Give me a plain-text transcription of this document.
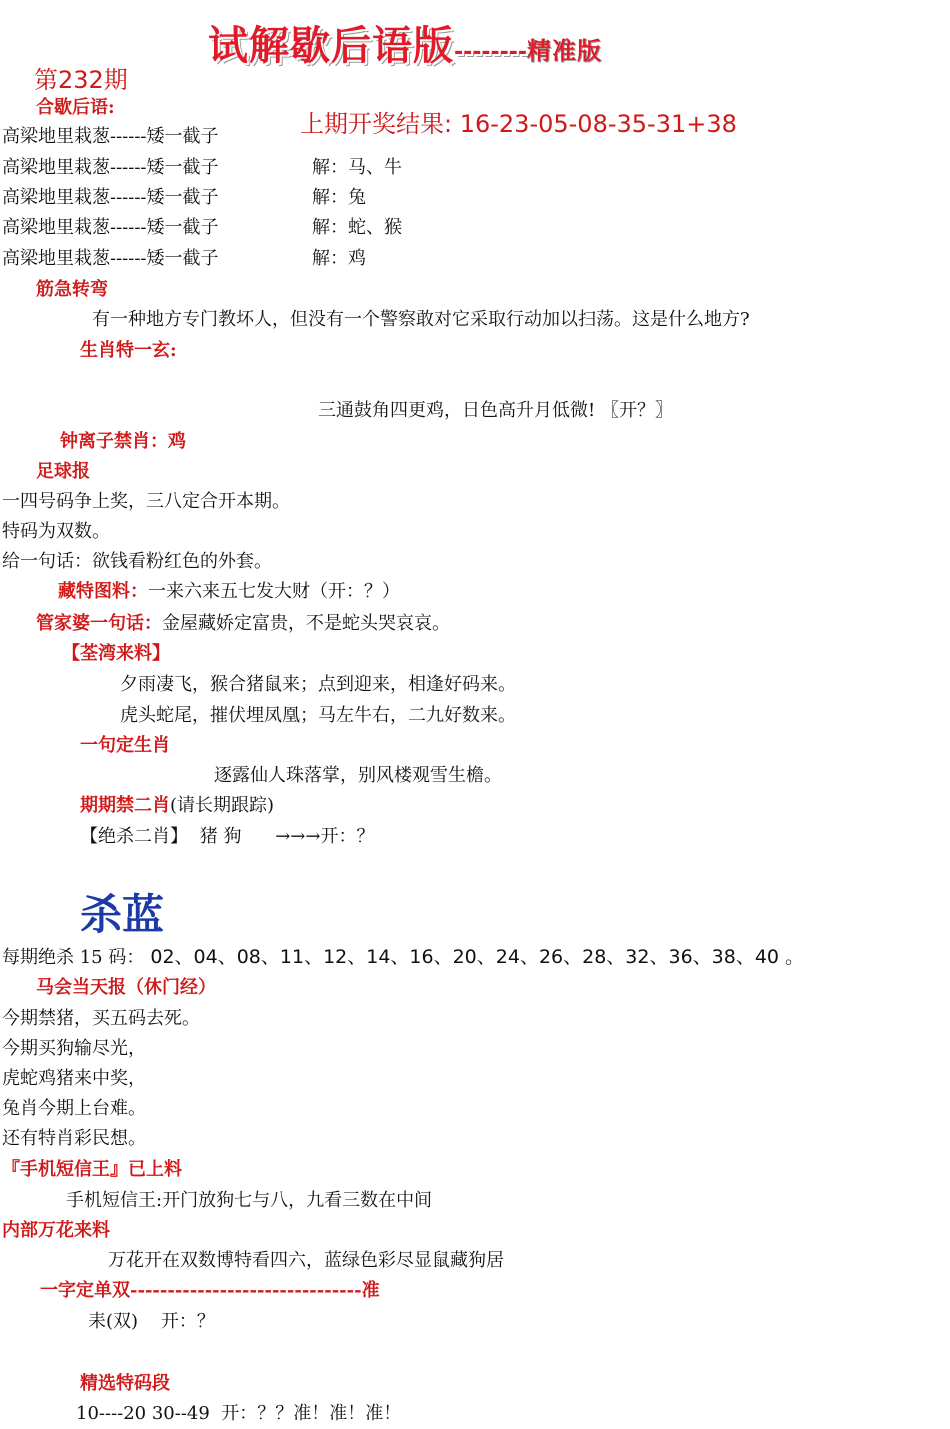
试解歇后语版--------精准版
第232期
上期开奖结果: 16-23-05-08-35-31+38
合歇后语:
高梁地里栽葱------矮一截子
高梁地里栽葱------矮一截子	解：马、牛
高梁地里栽葱------矮一截子	解：兔
高梁地里栽葱------矮一截子	解：蛇、猴
高梁地里栽葱------矮一截子	解：鸡
筋急转弯
有一种地方专门教坏人，但没有一个警察敢对它采取行动加以扫荡。这是什么地方?
生肖特一玄:
三通鼓角四更鸡，日色高升月低微! 〖开？〗
钟离子禁肖：鸡
足球报
一四号码争上奖，三八定合开本期。
特码为双数。
给一句话：欲钱看粉红色的外套。
藏特图料：一来六来五七发大财（开：？）
管家婆一句话：金屋藏娇定富贵，不是蛇头哭哀哀。
【荃湾来料】
夕雨凄飞，猴合猪鼠来；点到迎来，相逢好码来。
虎头蛇尾，摧伏埋凤凰；马左牛右，二九好数来。
一句定生肖
逐露仙人珠落掌，别风楼观雪生檐。
期期禁二肖(请长期跟踪)
【绝杀二肖】 猪 狗 →→→开：？
杀蓝
每期绝杀 15 码： 02、04、08、11、12、14、16、20、24、26、28、32、36、38、40 。
马会当天报（休门经）
今期禁猪，买五码去死。
今期买狗输尽光，
虎蛇鸡猪来中奖，
兔肖今期上台难。
还有特肖彩民想。
『手机短信王』已上料
手机短信王:开门放狗七与八，九看三数在中间
内部万花来料
万花开在双数博特看四六，蓝绿色彩尽显鼠藏狗居
一字定单双-------------------------------准
耒(双)    开：？
精选特码段
10----20 30--49  开：？？准！准！准！
